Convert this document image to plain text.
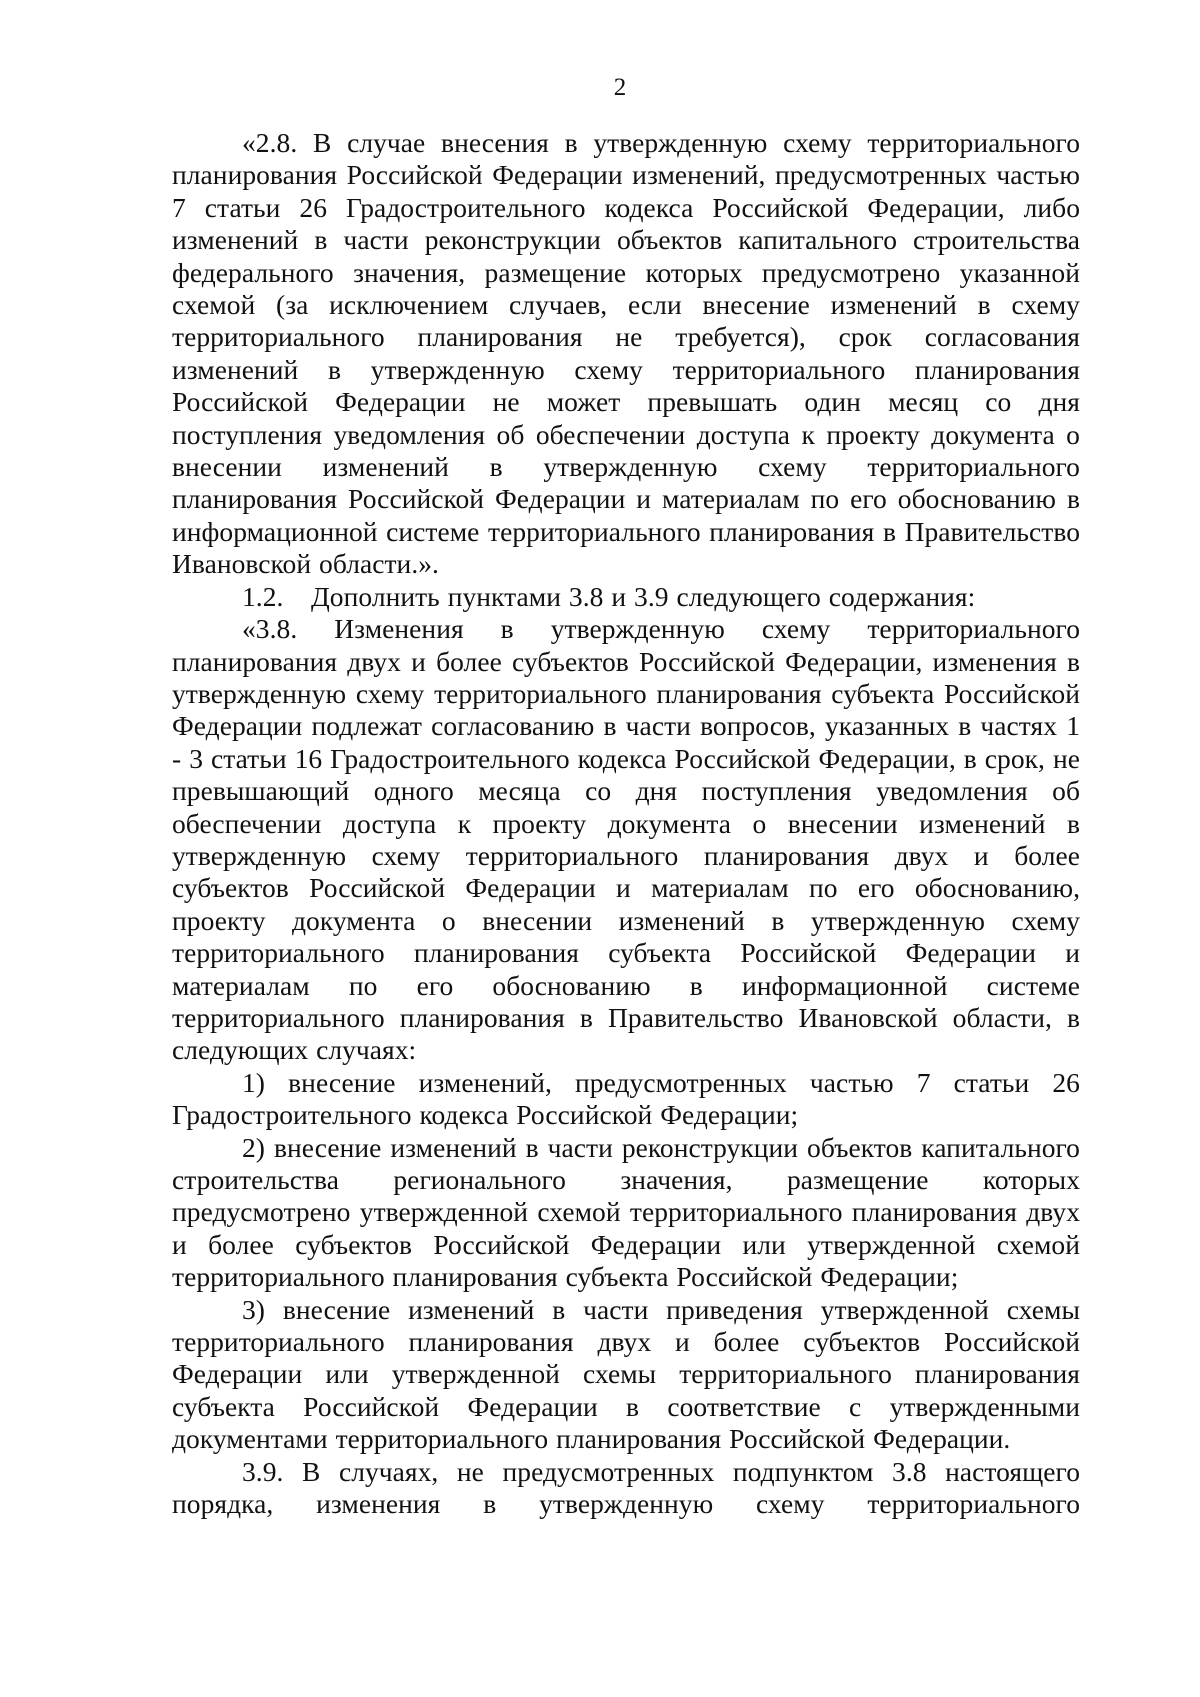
2

«2.8. В случае внесения в утвержденную схему территориального планирования Российской Федерации изменений, предусмотренных частью 7 статьи 26 Градостроительного кодекса Российской Федерации, либо изменений в части реконструкции объектов капитального строительства федерального значения, размещение которых предусмотрено указанной схемой (за исключением случаев, если внесение изменений в схему территориального планирования не требуется), срок согласования изменений в утвержденную схему территориального планирования Российской Федерации не может превышать один месяц со дня поступления уведомления об обеспечении доступа к проекту документа о внесении изменений в утвержденную схему территориального планирования Российской Федерации и материалам по его обоснованию в информационной системе территориального планирования в Правительство Ивановской области.».

1.2. Дополнить пунктами 3.8 и 3.9 следующего содержания:

«3.8. Изменения в утвержденную схему территориального планирования двух и более субъектов Российской Федерации, изменения в утвержденную схему территориального планирования субъекта Российской Федерации подлежат согласованию в части вопросов, указанных в частях 1 - 3 статьи 16 Градостроительного кодекса Российской Федерации, в срок, не превышающий одного месяца со дня поступления уведомления об обеспечении доступа к проекту документа о внесении изменений в утвержденную схему территориального планирования двух и более субъектов Российской Федерации и материалам по его обоснованию, проекту документа о внесении изменений в утвержденную схему территориального планирования субъекта Российской Федерации и материалам по его обоснованию в информационной системе территориального планирования в Правительство Ивановской области, в следующих случаях:

1) внесение изменений, предусмотренных частью 7 статьи 26 Градостроительного кодекса Российской Федерации;

2) внесение изменений в части реконструкции объектов капитального строительства регионального значения, размещение которых предусмотрено утвержденной схемой территориального планирования двух и более субъектов Российской Федерации или утвержденной схемой территориального планирования субъекта Российской Федерации;

3) внесение изменений в части приведения утвержденной схемы территориального планирования двух и более субъектов Российской Федерации или утвержденной схемы территориального планирования субъекта Российской Федерации в соответствие с утвержденными документами территориального планирования Российской Федерации.

3.9. В случаях, не предусмотренных подпунктом 3.8 настоящего порядка, изменения в утвержденную схему территориального
